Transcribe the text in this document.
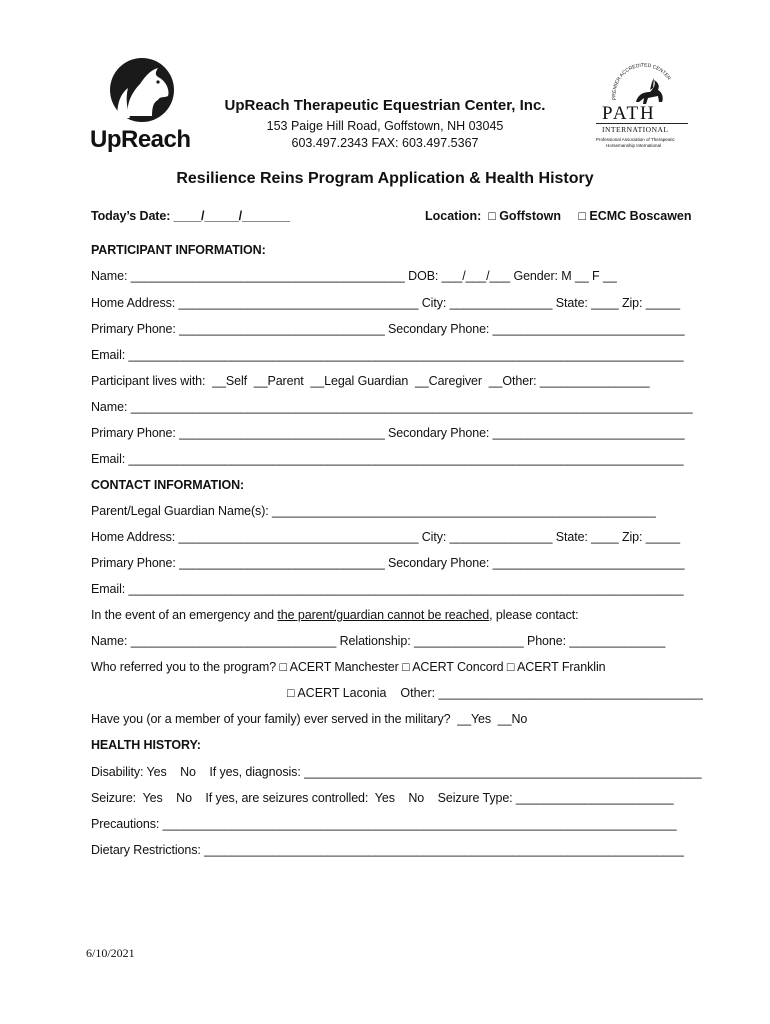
UpReach
UpReach Therapeutic Equestrian Center, Inc.
153 Paige Hill Road, Goffstown, NH 03045
603.497.2343 FAX: 603.497.5367
PREMIER ACCREDITED CENTER
PATH
INTERNATIONAL
Professional Association of Therapeutic
Horsemanship International
Resilience Reins Program Application & Health History
Today’s Date: ____/_____/_______	Location:  □ Goffstown     □ ECMC Boscawen
PARTICIPANT INFORMATION:
Name: ________________________________________ DOB: ___/___/___ Gender: M __ F __
Home Address: ___________________________________ City: _______________ State: ____ Zip: _____
Primary Phone: ______________________________ Secondary Phone: ____________________________
Email: _________________________________________________________________________________
Participant lives with:  __Self  __Parent  __Legal Guardian  __Caregiver  __Other: ________________
Name: __________________________________________________________________________________
Primary Phone: ______________________________ Secondary Phone: ____________________________
Email: _________________________________________________________________________________
CONTACT INFORMATION:
Parent/Legal Guardian Name(s): ________________________________________________________
Home Address: ___________________________________ City: _______________ State: ____ Zip: _____
Primary Phone: ______________________________ Secondary Phone: ____________________________
Email: _________________________________________________________________________________
In the event of an emergency and the parent/guardian cannot be reached, please contact:
Name: ______________________________ Relationship: ________________ Phone: ______________
Who referred you to the program? □ ACERT Manchester □ ACERT Concord □ ACERT Franklin
□ ACERT Laconia    Other: ______________________________________
Have you (or a member of your family) ever served in the military?  __Yes  __No
HEALTH HISTORY:
Disability: Yes    No    If yes, diagnosis: __________________________________________________________
Seizure:  Yes    No    If yes, are seizures controlled:  Yes    No    Seizure Type: _______________________
Precautions: ___________________________________________________________________________
Dietary Restrictions: ______________________________________________________________________
6/10/2021
